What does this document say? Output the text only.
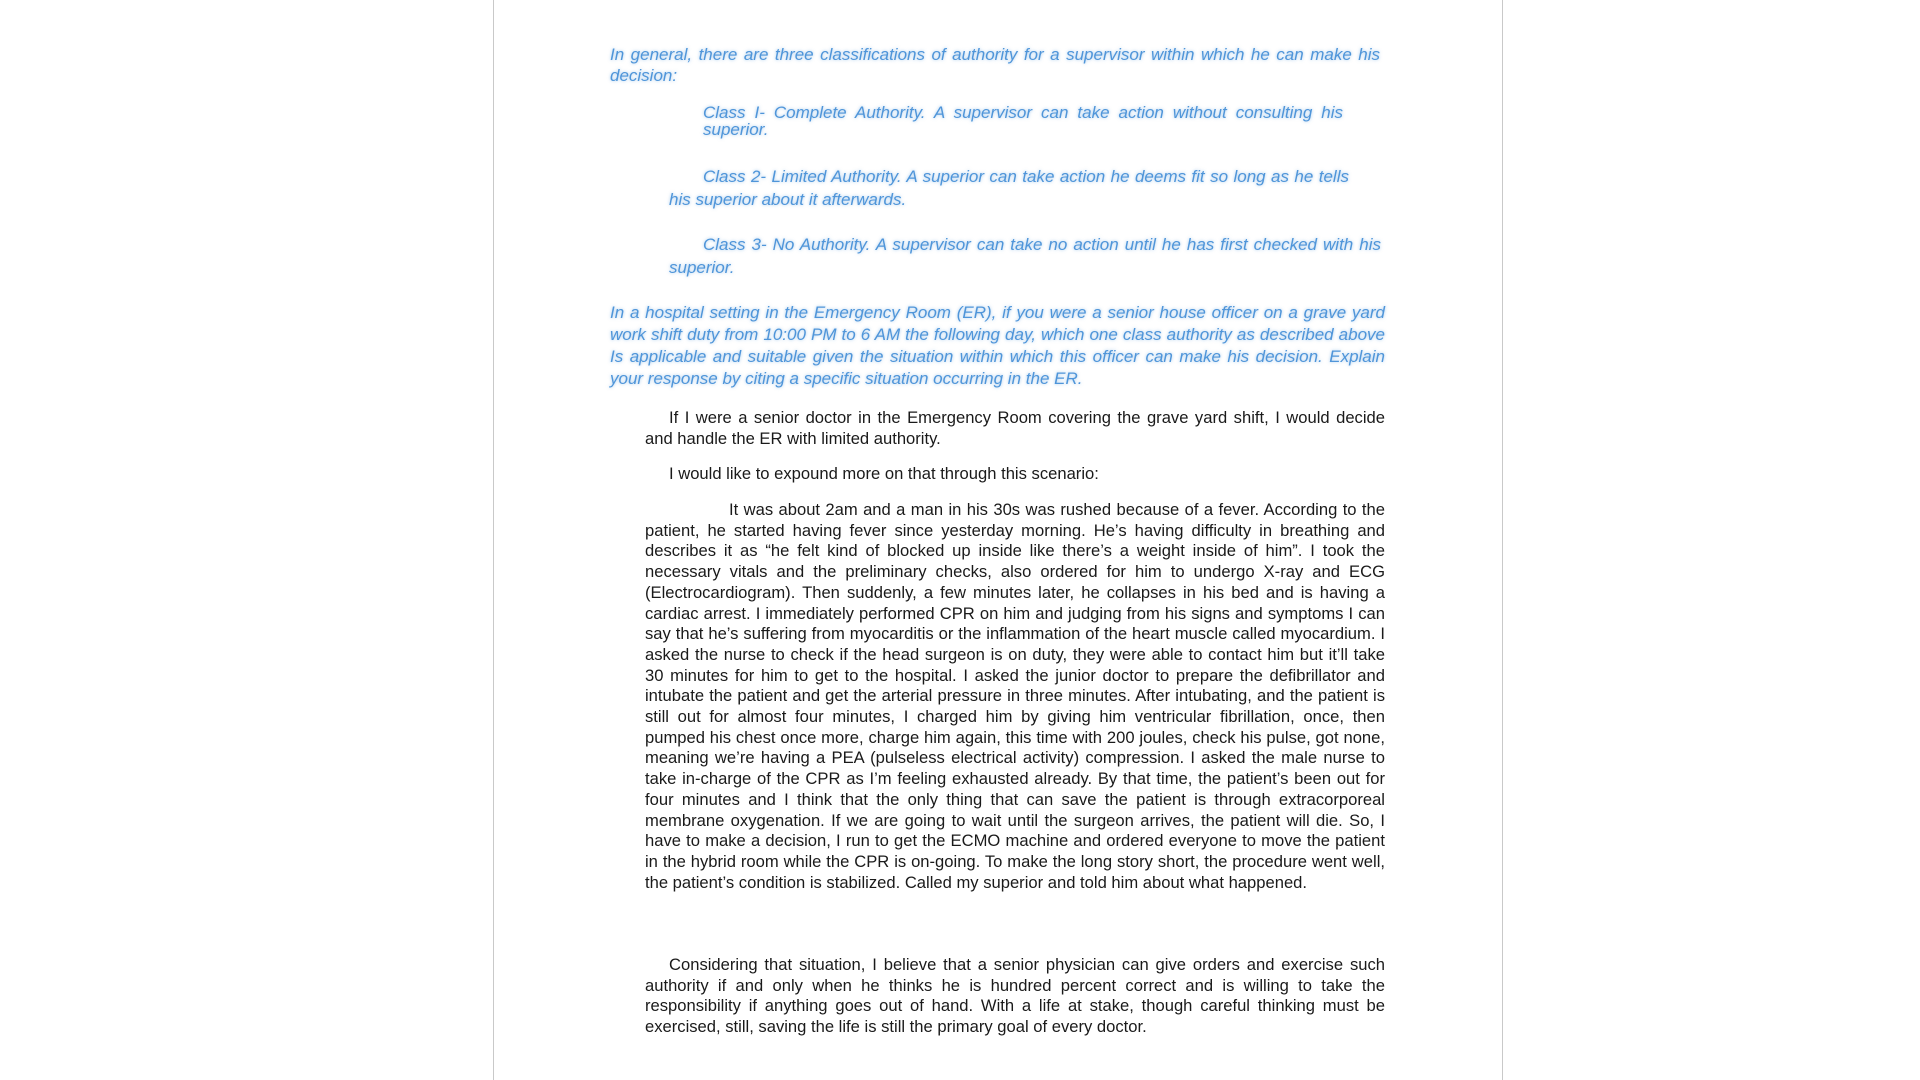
In general, there are three classifications of authority for a supervisor within which he can make his decision:

Class I- Complete Authority. A supervisor can take action without consulting his superior.

Class 2- Limited Authority. A superior can take action he deems fit so long as he tells his superior about it afterwards.

Class 3- No Authority. A supervisor can take no action until he has first checked with his superior.

In a hospital setting in the Emergency Room (ER), if you were a senior house officer on a grave yard work shift duty from 10:00 PM to 6 AM the following day, which one class authority as described above Is applicable and suitable given the situation within which this officer can make his decision. Explain your response by citing a specific situation occurring in the ER.

If I were a senior doctor in the Emergency Room covering the grave yard shift, I would decide and handle the ER with limited authority.

I would like to expound more on that through this scenario:

It was about 2am and a man in his 30s was rushed because of a fever. According to the patient, he started having fever since yesterday morning. He’s having difficulty in breathing and describes it as “he felt kind of blocked up inside like there’s a weight inside of him”. I took the necessary vitals and the preliminary checks, also ordered for him to undergo X-ray and ECG (Electrocardiogram). Then suddenly, a few minutes later, he collapses in his bed and is having a cardiac arrest. I immediately performed CPR on him and judging from his signs and symptoms I can say that he’s suffering from myocarditis or the inflammation of the heart muscle called myocardium. I asked the nurse to check if the head surgeon is on duty, they were able to contact him but it’ll take 30 minutes for him to get to the hospital. I asked the junior doctor to prepare the defibrillator and intubate the patient and get the arterial pressure in three minutes. After intubating, and the patient is still out for almost four minutes, I charged him by giving him ventricular fibrillation, once, then pumped his chest once more, charge him again, this time with 200 joules, check his pulse, got none, meaning we’re having a PEA (pulseless electrical activity) compression. I asked the male nurse to take in-charge of the CPR as I’m feeling exhausted already. By that time, the patient’s been out for four minutes and I think that the only thing that can save the patient is through extracorporeal membrane oxygenation. If we are going to wait until the surgeon arrives, the patient will die. So, I have to make a decision, I run to get the ECMO machine and ordered everyone to move the patient in the hybrid room while the CPR is on-going. To make the long story short, the procedure went well, the patient’s condition is stabilized. Called my superior and told him about what happened.

Considering that situation, I believe that a senior physician can give orders and exercise such authority if and only when he thinks he is hundred percent correct and is willing to take the responsibility if anything goes out of hand. With a life at stake, though careful thinking must be exercised, still, saving the life is still the primary goal of every doctor.
